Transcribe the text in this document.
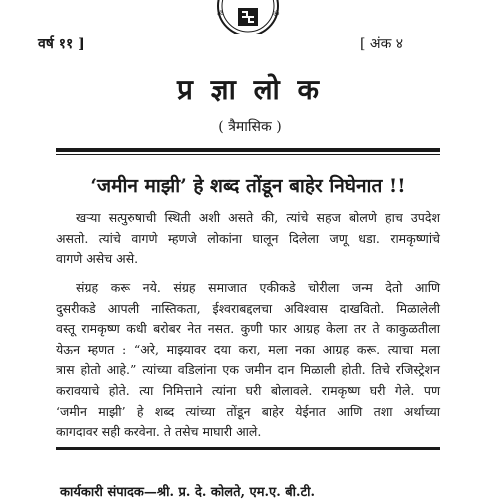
ॐ	ॐ
वर्ष ११ ]	[ अंक ४
प्र ज्ञा लो क
( त्रैमासिक )
‘जमीन माझी’ हे शब्द तोंडून बाहेर निघेनात !!

खऱ्या सत्पुरुषाची स्थिती अशी असते की, त्यांचे सहज बोलणे हाच उपदेश
असतो. त्यांचे वागणे म्हणजे लोकांना घालून दिलेला जणू धडा. रामकृष्णांचे
वागणे असेच असे.

संग्रह करू नये. संग्रह समाजात एकीकडे चोरीला जन्म देतो आणि
दुसरीकडे आपली नास्तिकता, ईश्वराबद्दलचा अविश्वास दाखवितो. मिळालेली
वस्तू रामकृष्ण कधी बरोबर नेत नसत. कुणी फार आग्रह केला तर ते काकुळतीला
येऊन म्हणत : “अरे, माझ्यावर दया करा, मला नका आग्रह करू. त्याचा मला
त्रास होतो आहे.” त्यांच्या वडिलांना एक जमीन दान मिळाली होती. तिचे रजिस्ट्रेशन
करावयाचे होते. त्या निमित्ताने त्यांना घरी बोलावले. रामकृष्ण घरी गेले. पण
‘जमीन माझी’ हे शब्द त्यांच्या तोंडून बाहेर येईनात आणि तशा अर्थाच्या
कागदावर सही करवेना. ते तसेच माघारी आले.

कार्यकारी संपादक—श्री. प्र. दे. कोलते, एम.ए. बी.टी.
